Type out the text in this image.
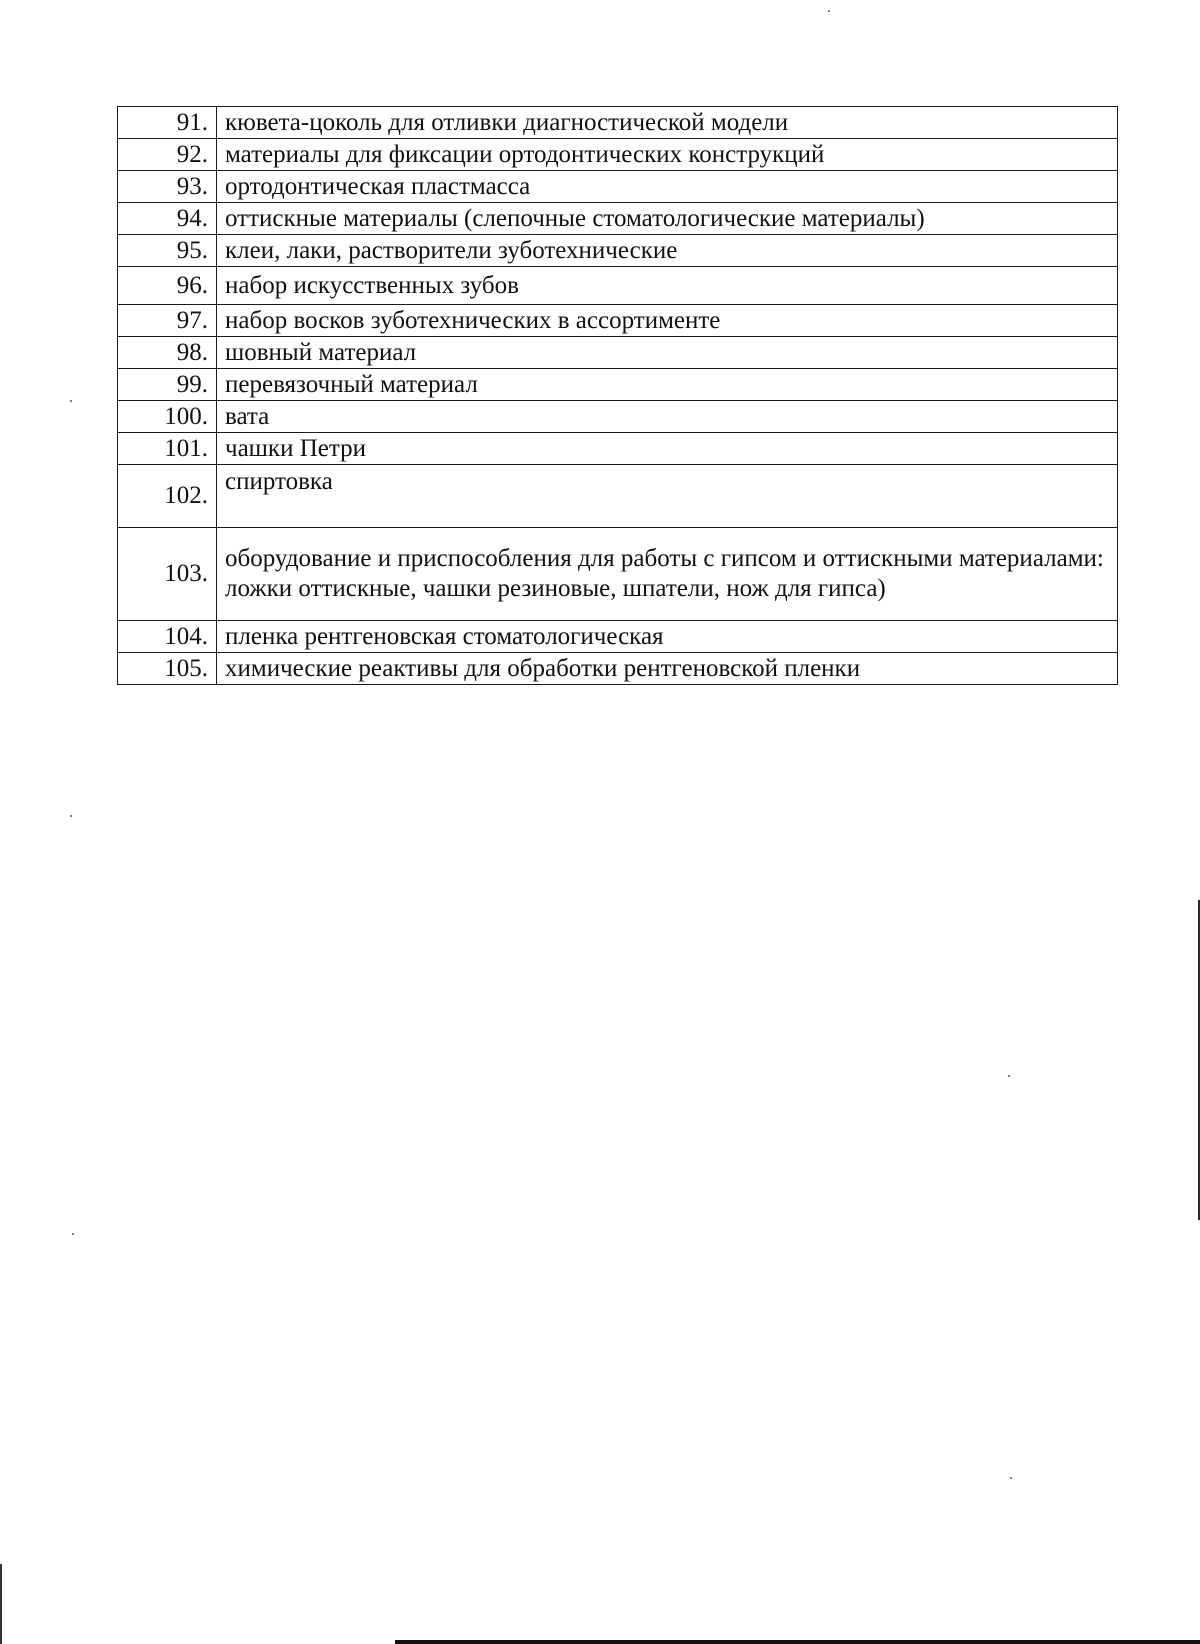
91.	кювета-цоколь для отливки диагностической модели
92.	материалы для фиксации ортодонтических конструкций
93.	ортодонтическая пластмасса
94.	оттискные материалы (слепочные стоматологические материалы)
95.	клеи, лаки, растворители зуботехнические
96.	набор искусственных зубов
97.	набор восков зуботехнических в ассортименте
98.	шовный материал
99.	перевязочный материал
100.	вата
101.	чашки Петри
102.	спиртовка
103.	оборудование и приспособления для работы с гипсом и оттискными материалами: ложки оттискные, чашки резиновые, шпатели, нож для гипса)
104.	пленка рентгеновская стоматологическая
105.	химические реактивы для обработки рентгеновской пленки
